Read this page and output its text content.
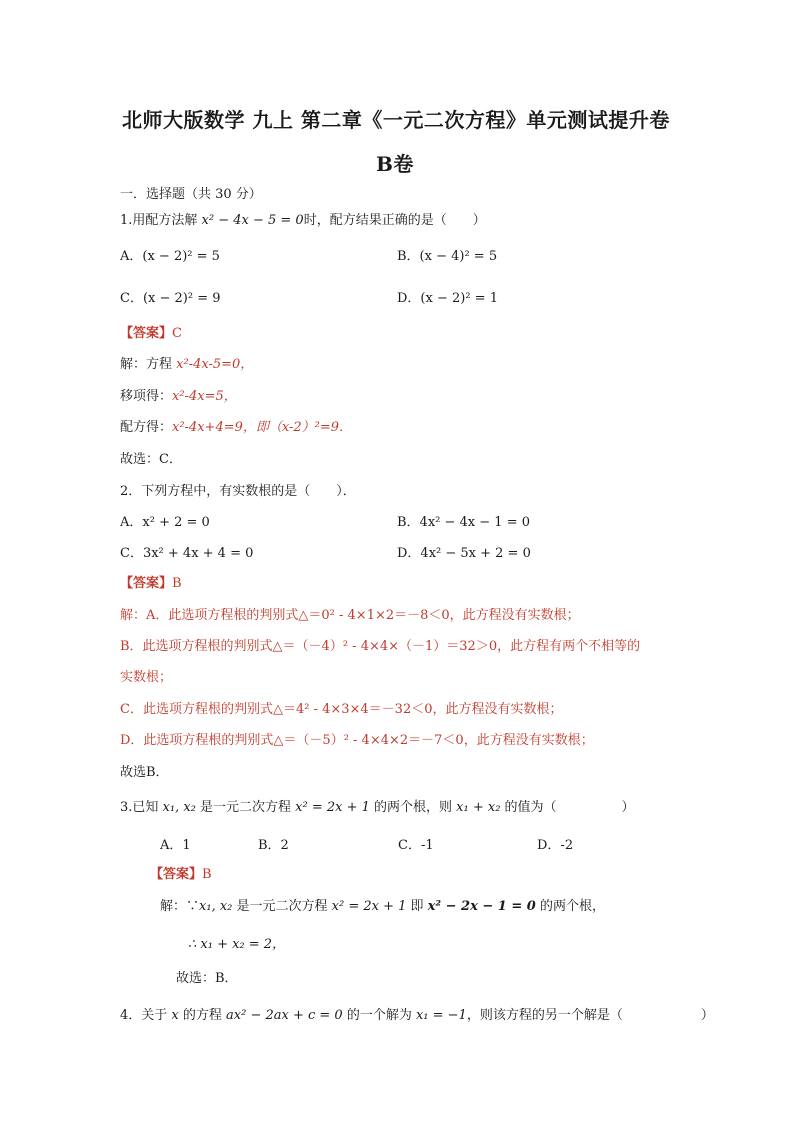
北师大版数学 九上 第二章《一元二次方程》单元测试提升卷
B卷
一．选择题（共 30 分）
1.用配方法解 x² − 4x − 5 = 0时，配方结果正确的是（　　）
A．(x − 2)² = 5	B．(x − 4)² = 5
C．(x − 2)² = 9	D．(x − 2)² = 1
【答案】C
解：方程 x²-4x-5=0，
移项得：x²-4x=5，
配方得：x²-4x+4=9，即（x-2）²=9．
故选：C．
2．下列方程中，有实数根的是（　　）．
A．x² + 2 = 0	B．4x² − 4x − 1 = 0
C．3x² + 4x + 4 = 0	D．4x² − 5x + 2 = 0
【答案】B
解：A．此选项方程根的判别式△＝0² - 4×1×2＝－8＜0，此方程没有实数根；
B．此选项方程根的判别式△＝（－4）² - 4×4×（－1）＝32＞0，此方程有两个不相等的
实数根；
C．此选项方程根的判别式△＝4² - 4×3×4＝－32＜0，此方程没有实数根；
D．此选项方程根的判别式△＝（－5）² - 4×4×2＝－7＜0，此方程没有实数根；
故选B．
3.已知 x₁, x₂ 是一元二次方程 x² = 2x + 1 的两个根，则 x₁ + x₂ 的值为（　　　　　）
A．1	B．2	C．-1	D．-2
【答案】B
解：∵x₁, x₂ 是一元二次方程 x² = 2x + 1 即 x² − 2x − 1 = 0 的两个根，
∴ x₁ + x₂ = 2，
故选：B．
4．关于 x 的方程 ax² − 2ax + c = 0 的一个解为 x₁ = −1，则该方程的另一个解是（　　　　　　）
